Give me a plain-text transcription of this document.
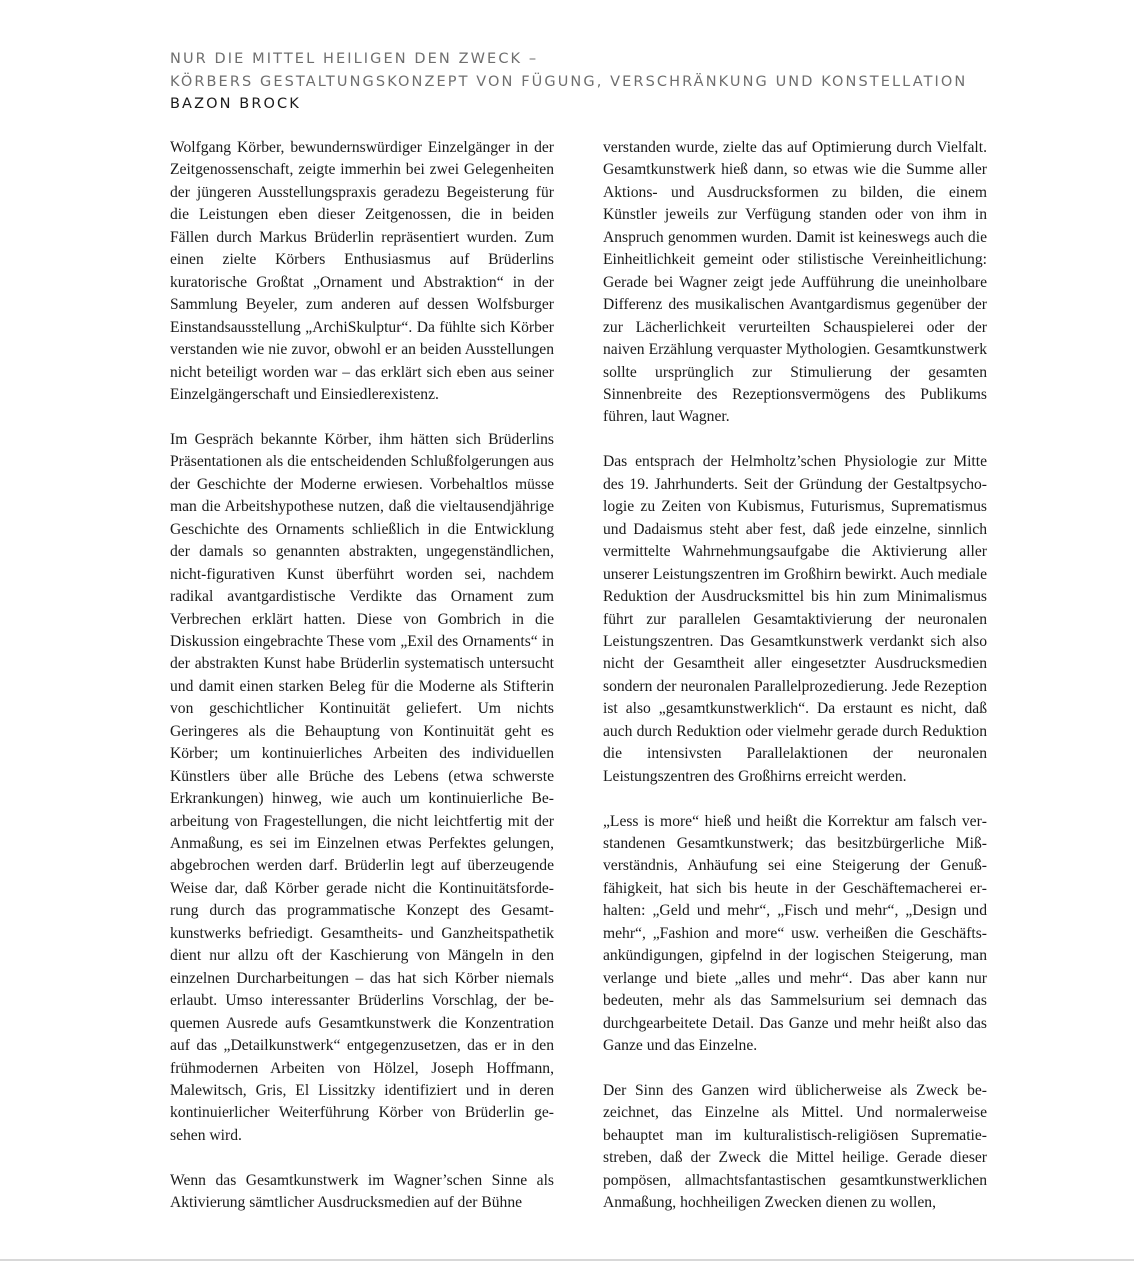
NUR DIE MITTEL HEILIGEN DEN ZWECK –
KÖRBERS GESTALTUNGSKONZEPT VON FÜGUNG, VERSCHRÄNKUNG UND KONSTELLATION
BAZON BROCK

Wolfgang Körber, bewundernswürdiger Einzelgänger in der Zeitgenossenschaft, zeigte immerhin bei zwei Gelegenheiten der jüngeren Ausstellungspraxis geradezu Begeisterung für die Leistungen eben dieser Zeitgenossen, die in beiden Fällen durch Markus Brüderlin repräsentiert wurden. Zum einen zielte Körbers Enthusiasmus auf Brüderlins kuratorische Großtat „Ornament und Abstraktion“ in der Sammlung Beyeler, zum anderen auf dessen Wolfsburger Einstandsausstellung „ArchiSkulptur“. Da fühlte sich Körber verstanden wie nie zuvor, obwohl er an beiden Ausstellungen nicht beteiligt worden war – das erklärt sich eben aus seiner Einzelgängerschaft und Einsiedlerexistenz.

Im Gespräch bekannte Körber, ihm hätten sich Brüderlins Präsentationen als die entscheidenden Schlußfolgerungen aus der Geschichte der Moderne erwiesen. Vorbehaltlos müsse man die Arbeitshypothese nutzen, daß die vieltausendjährige Geschichte des Ornaments schließlich in die Entwicklung der damals so genannten abstrakten, ungegenständlichen, nicht-figurativen Kunst überführt worden sei, nachdem radikal avantgardistische Verdikte das Ornament zum Verbrechen erklärt hatten. Diese von Gombrich in die Diskussion eingebrachte These vom „Exil des Ornaments“ in der abstrakten Kunst habe Brüderlin systematisch untersucht und damit einen starken Beleg für die Moderne als Stifterin von geschichtlicher Kontinuität geliefert. Um nichts Geringeres als die Behauptung von Kontinuität geht es Körber; um kontinuierliches Arbeiten des individuellen Künstlers über alle Brüche des Lebens (etwa schwerste Erkrankungen) hinweg, wie auch um kontinuierliche Bearbeitung von Fragestellungen, die nicht leichtfertig mit der Anmaßung, es sei im Einzelnen etwas Perfektes gelungen, abgebrochen werden darf. Brüderlin legt auf überzeugende Weise dar, daß Körber gerade nicht die Kontinuitätsforderung durch das programmatische Konzept des Gesamtkunstwerks befriedigt. Gesamtheits- und Ganzheitspathetik dient nur allzu oft der Kaschierung von Mängeln in den einzelnen Durcharbeitungen – das hat sich Körber niemals erlaubt. Umso interessanter Brüderlins Vorschlag, der bequemen Ausrede aufs Gesamtkunstwerk die Konzentration auf das „Detailkunstwerk“ entgegenzusetzen, das er in den frühmodernen Arbeiten von Hölzel, Joseph Hoffmann, Malewitsch, Gris, El Lissitzky identifiziert und in deren kontinuierlicher Weiterführung Körber von Brüderlin gesehen wird.

Wenn das Gesamtkunstwerk im Wagner’schen Sinne als Aktivierung sämtlicher Ausdrucksmedien auf der Bühne

verstanden wurde, zielte das auf Optimierung durch Vielfalt. Gesamtkunstwerk hieß dann, so etwas wie die Summe aller Aktions- und Ausdrucksformen zu bilden, die einem Künstler jeweils zur Verfügung standen oder von ihm in Anspruch genommen wurden. Damit ist keineswegs auch die Einheitlichkeit gemeint oder stilistische Vereinheitlichung: Gerade bei Wagner zeigt jede Aufführung die uneinholbare Differenz des musikalischen Avantgardismus gegenüber der zur Lächerlichkeit verurteilten Schauspielerei oder der naiven Erzählung verquaster Mythologien. Gesamtkunstwerk sollte ursprünglich zur Stimulierung der gesamten Sinnenbreite des Rezeptionsvermögens des Publikums führen, laut Wagner.

Das entsprach der Helmholtz’schen Physiologie zur Mitte des 19. Jahrhunderts. Seit der Gründung der Gestaltpsychologie zu Zeiten von Kubismus, Futurismus, Suprematismus und Dadaismus steht aber fest, daß jede einzelne, sinnlich vermittelte Wahrnehmungsaufgabe die Aktivierung aller unserer Leistungszentren im Großhirn bewirkt. Auch mediale Reduktion der Ausdrucksmittel bis hin zum Minimalismus führt zur parallelen Gesamtaktivierung der neuronalen Leistungszentren. Das Gesamtkunstwerk verdankt sich also nicht der Gesamtheit aller eingesetzter Ausdrucksmedien sondern der neuronalen Parallelprozedierung. Jede Rezeption ist also „gesamtkunstwerklich“. Da erstaunt es nicht, daß auch durch Reduktion oder vielmehr gerade durch Reduktion die intensivsten Parallelaktionen der neuronalen Leistungszentren des Großhirns erreicht werden.

„Less is more“ hieß und heißt die Korrektur am falsch verstandenen Gesamtkunstwerk; das besitzbürgerliche Mißverständnis, Anhäufung sei eine Steigerung der Genußfähigkeit, hat sich bis heute in der Geschäftemacherei erhalten: „Geld und mehr“, „Fisch und mehr“, „Design und mehr“, „Fashion and more“ usw. verheißen die Geschäftsankündigungen, gipfelnd in der logischen Steigerung, man verlange und biete „alles und mehr“. Das aber kann nur bedeuten, mehr als das Sammelsurium sei demnach das durchgearbeitete Detail. Das Ganze und mehr heißt also das Ganze und das Einzelne.

Der Sinn des Ganzen wird üblicherweise als Zweck bezeichnet, das Einzelne als Mittel. Und normalerweise behauptet man im kulturalistisch-religiösen Suprematiestreben, daß der Zweck die Mittel heilige. Gerade dieser pompösen, allmachtsfantastischen gesamtkunstwerklichen Anmaßung, hochheiligen Zwecken dienen zu wollen,
